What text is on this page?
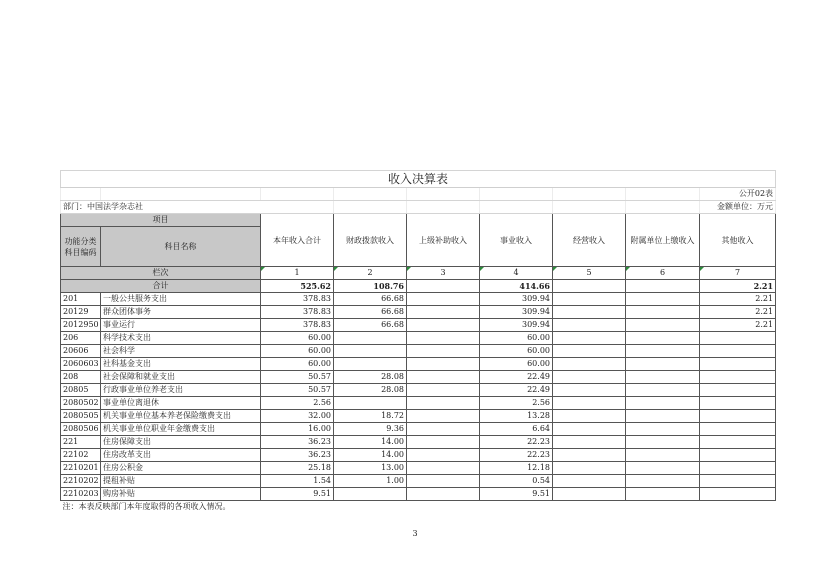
收入决算表								
								公开02表
部门：中国法学杂志社								金额单位：万元
项目		本年收入合计	财政拨款收入	上级补助收入	事业收入	经营收入	附属单位上缴收入	其他收入
功能分类科目编码	科目名称							
栏次		1	2	3	4	5	6	7
合计		525.62	108.76		414.66			2.21
201	一般公共服务支出	378.83	66.68		309.94			2.21
20129	群众团体事务	378.83	66.68		309.94			2.21
2012950	事业运行	378.83	66.68		309.94			2.21
206	科学技术支出	60.00			60.00			
20606	社会科学	60.00			60.00			
2060603	社科基金支出	60.00			60.00			
208	社会保障和就业支出	50.57	28.08		22.49			
20805	行政事业单位养老支出	50.57	28.08		22.49			
2080502	事业单位离退休	2.56			2.56			
2080505	机关事业单位基本养老保险缴费支出	32.00	18.72		13.28			
2080506	机关事业单位职业年金缴费支出	16.00	9.36		6.64			
221	住房保障支出	36.23	14.00		22.23			
22102	住房改革支出	36.23	14.00		22.23			
2210201	住房公积金	25.18	13.00		12.18			
2210202	提租补贴	1.54	1.00		0.54			
2210203	购房补贴	9.51			9.51			
注：本表反映部门本年度取得的各项收入情况。								
3
